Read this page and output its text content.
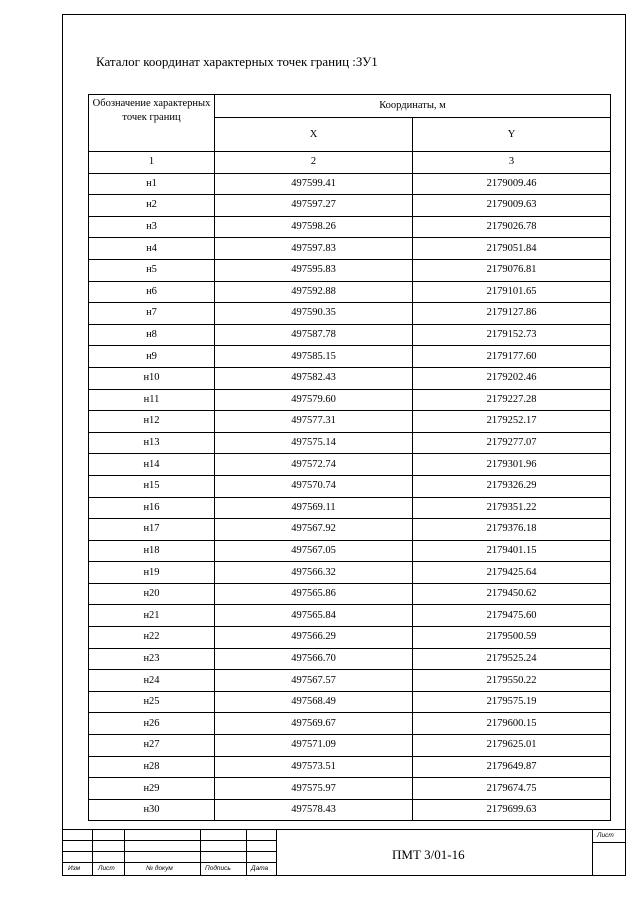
Каталог координат характерных точек границ :ЗУ1
Обозначение характерных точек границ	Координаты, м	
	X	Y
1	2	3
н1	497599.41	2179009.46
н2	497597.27	2179009.63
н3	497598.26	2179026.78
н4	497597.83	2179051.84
н5	497595.83	2179076.81
н6	497592.88	2179101.65
н7	497590.35	2179127.86
н8	497587.78	2179152.73
н9	497585.15	2179177.60
н10	497582.43	2179202.46
н11	497579.60	2179227.28
н12	497577.31	2179252.17
н13	497575.14	2179277.07
н14	497572.74	2179301.96
н15	497570.74	2179326.29
н16	497569.11	2179351.22
н17	497567.92	2179376.18
н18	497567.05	2179401.15
н19	497566.32	2179425.64
н20	497565.86	2179450.62
н21	497565.84	2179475.60
н22	497566.29	2179500.59
н23	497566.70	2179525.24
н24	497567.57	2179550.22
н25	497568.49	2179575.19
н26	497569.67	2179600.15
н27	497571.09	2179625.01
н28	497573.51	2179649.87
н29	497575.97	2179674.75
н30	497578.43	2179699.63
Изм	Лист	№ докум	Подпись	Дата
Лист
ПМТ 3/01-16
